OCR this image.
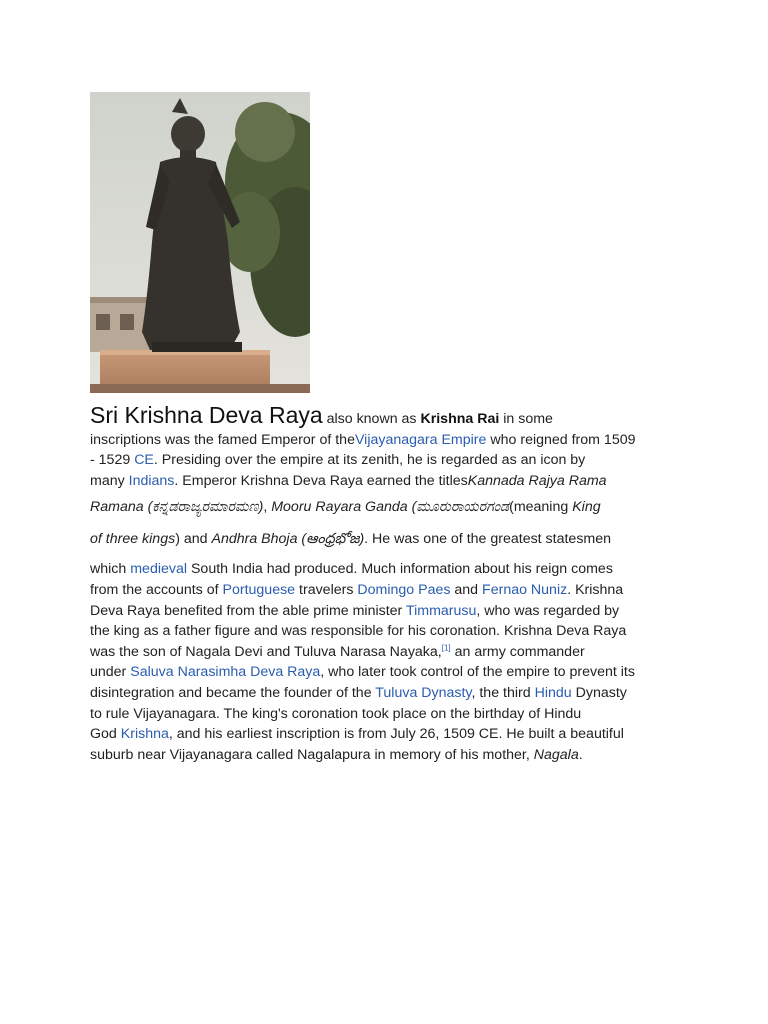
Sri Krishna Deva Raya also known as Krishna Rai in some
inscriptions was the famed Emperor of theVijayanagara Empire who reigned from 1509
- 1529 CE. Presiding over the empire at its zenith, he is regarded as an icon by
many Indians. Emperor Krishna Deva Raya earned the titlesKannada Rajya Rama
Ramana (ಕನ್ನಡರಾಜ್ಯರಮಾರಮಣ), Mooru Rayara Ganda (ಮೂರುರಾಯರಗಂಡ(meaning King
of three kings) and Andhra Bhoja (ఆంధ్రభోజ). He was one of the greatest statesmen
which medieval South India had produced. Much information about his reign comes
from the accounts of Portuguese travelers Domingo Paes and Fernao Nuniz. Krishna
Deva Raya benefited from the able prime minister Timmarusu, who was regarded by
the king as a father figure and was responsible for his coronation. Krishna Deva Raya
was the son of Nagala Devi and Tuluva Narasa Nayaka,[1] an army commander
under Saluva Narasimha Deva Raya, who later took control of the empire to prevent its
disintegration and became the founder of the Tuluva Dynasty, the third Hindu Dynasty
to rule Vijayanagara. The king's coronation took place on the birthday of Hindu
God Krishna, and his earliest inscription is from July 26, 1509 CE. He built a beautiful
suburb near Vijayanagara called Nagalapura in memory of his mother, Nagala.
